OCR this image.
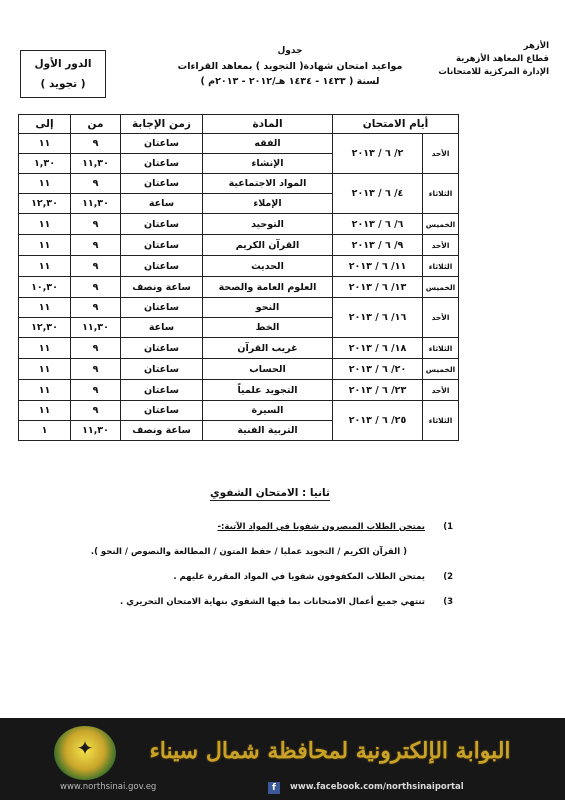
الأزهر
قطاع المعاهد الأزهرية
الإدارة المركزية للامتحانات
جدول
مواعيد امتحان شهادة( التجويد ) بمعاهد القراءات
لسنة ( ١٤٣٣ - ١٤٣٤ هـ/٢٠١٢ - ٢٠١٣م )
الدور الأول
( تجويد )
أيام الامتحان		المادة	زمن الإجابة	من	إلى
الأحد	٢/ ٦ / ٢٠١٣	الفقه	ساعتان	٩	١١
		الإنشاء	ساعتان	١١,٣٠	١,٣٠
الثلاثاء	٤/ ٦ / ٢٠١٣	المواد الاجتماعية	ساعتان	٩	١١
		الإملاء	ساعة	١١,٣٠	١٢,٣٠
الخميس	٦/ ٦ / ٢٠١٣	التوحيد	ساعتان	٩	١١
الأحد	٩/ ٦ / ٢٠١٣	القرآن الكريم	ساعتان	٩	١١
الثلاثاء	١١/ ٦ / ٢٠١٣	الحديث	ساعتان	٩	١١
الخميس	١٣/ ٦ / ٢٠١٣	العلوم العامة والصحة	ساعة ونصف	٩	١٠,٣٠
الأحد	١٦/ ٦ / ٢٠١٣	النحو	ساعتان	٩	١١
		الخط	ساعة	١١,٣٠	١٢,٣٠
الثلاثاء	١٨/ ٦ / ٢٠١٣	غريب القرآن	ساعتان	٩	١١
الخميس	٢٠/ ٦ / ٢٠١٣	الحساب	ساعتان	٩	١١
الأحد	٢٣/ ٦ / ٢٠١٣	التجويد علمياً	ساعتان	٩	١١
الثلاثاء	٢٥/ ٦ / ٢٠١٣	السيرة	ساعتان	٩	١١
		التربية الفنية	ساعة ونصف	١١,٣٠	١
ثانيا : الامتحان الشفوي
1)
يمتحن الطلاب المبصرون شفويا في المواد الآتية:-
( القرآن الكريم / التجويد عمليا / حفظ المتون / المطالعة والنصوص / النحو ).
2)
يمتحن الطلاب المكفوفون شفويا في المواد المقررة عليهم .
3)
تنتهي جميع أعمال الامتحانات بما فيها الشفوي بنهاية الامتحان التحريري .
✦	البوابة الإلكترونية لمحافظة شمال سيناء
www.northsinai.gov.eg	f	www.facebook.com/northsinaiportal
